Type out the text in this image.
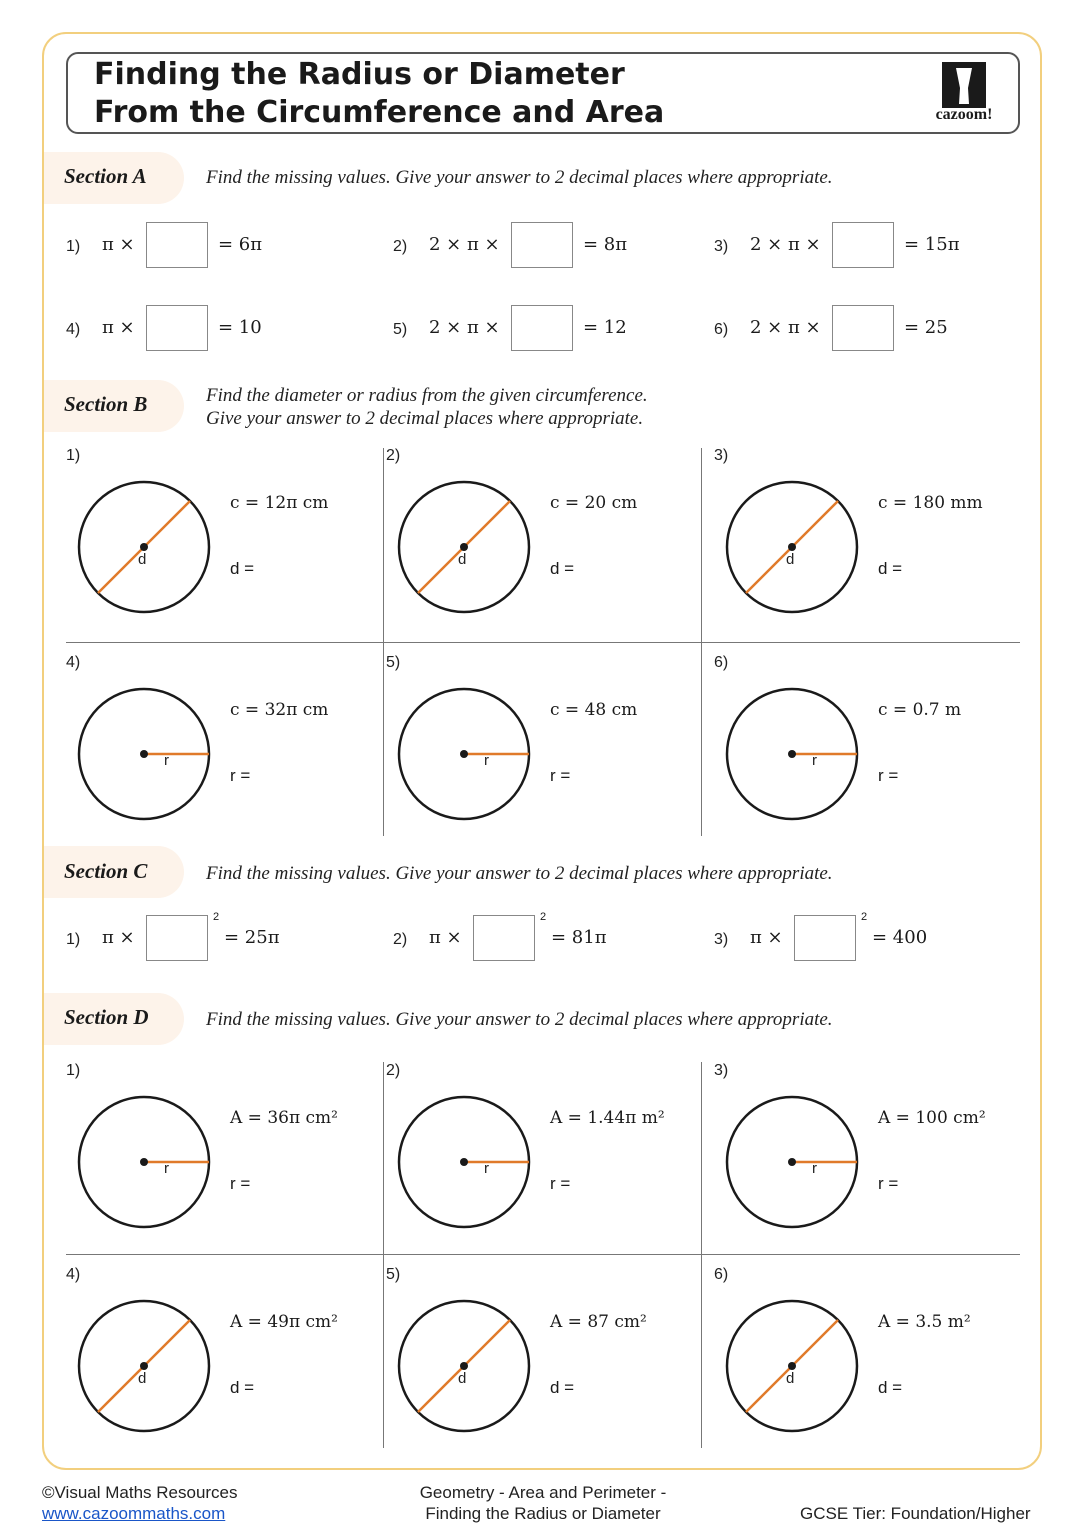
Finding the Radius or Diameter
From the Circumference and Area	cazoom!
Section A	Find the missing values. Give your answer to 2 decimal places where appropriate.
1) π ×	= 6π	2) 2 × π ×	= 8π	3) 2 × π ×	= 15π
4) π ×	= 10	5) 2 × π ×	= 12	6) 2 × π ×	= 25
Section B	Find the diameter or radius from the given circumference.
Give your answer to 2 decimal places where appropriate.
1)
d
c = 12π cm
d =
2)
d
c = 20 cm
d =
3)
d
c = 180 mm
d =
4)
r
c = 32π cm
r =
5)
r
c = 48 cm
r =
6)
r
c = 0.7 m
r =
Section C	Find the missing values. Give your answer to 2 decimal places where appropriate.
1) π ×
2
= 25π	2) π ×
2
= 81π	3) π ×
2
= 400
Section D	Find the missing values. Give your answer to 2 decimal places where appropriate.
1)
r
A = 36π cm²
r =
2)
r
A = 1.44π m²
r =
3)
r
A = 100 cm²
r =
4)
d
A = 49π cm²
d =
5)
d
A = 87 cm²
d =
6)
d
A = 3.5 m²
d =
©Visual Maths Resources
www.cazoommaths.com
Geometry - Area and Perimeter -
Finding the Radius or Diameter	GCSE Tier: Foundation/Higher
